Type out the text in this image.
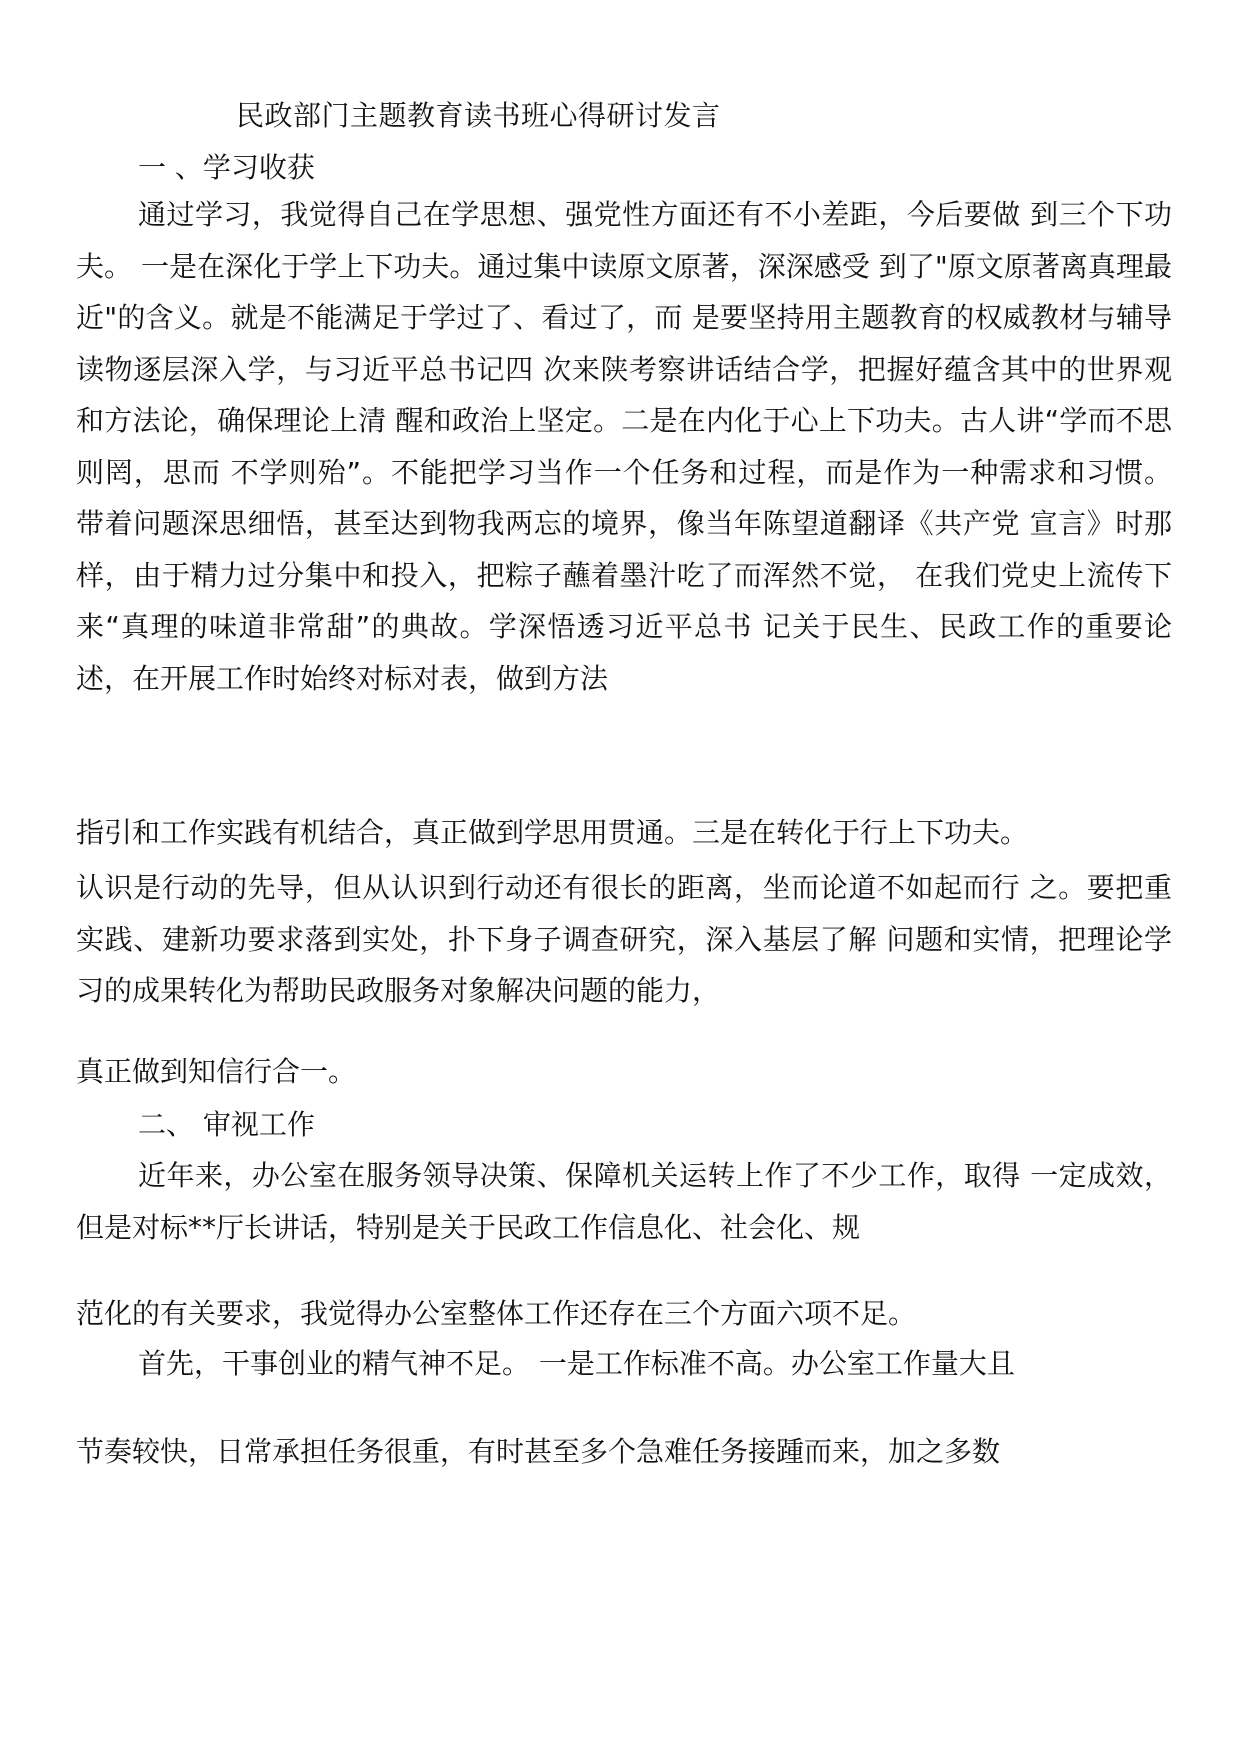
民政部门主题教育读书班心得研讨发言
一 、学习收获

通过学习，我觉得自己在学思想、强党性方面还有不小差距，今后要做 到三个下功夫。 一是在深化于学上下功夫。通过集中读原文原著，深深感受 到了"原文原著离真理最近"的含义。就是不能满足于学过了、看过了，而 是要坚持用主题教育的权威教材与辅导读物逐层深入学，与习近平总书记四 次来陕考察讲话结合学，把握好蕴含其中的世界观和方法论，确保理论上清 醒和政治上坚定。二是在内化于心上下功夫。古人讲“学而不思则罔，思而 不学则殆”。不能把学习当作一个任务和过程，而是作为一种需求和习惯。 带着问题深思细悟，甚至达到物我两忘的境界，像当年陈望道翻译《共产党 宣言》时那样，由于精力过分集中和投入，把粽子蘸着墨汁吃了而浑然不觉， 在我们党史上流传下来“真理的味道非常甜”的典故。学深悟透习近平总书 记关于民生、民政工作的重要论述，在开展工作时始终对标对表，做到方法

指引和工作实践有机结合，真正做到学思用贯通。三是在转化于行上下功夫。

认识是行动的先导，但从认识到行动还有很长的距离，坐而论道不如起而行 之。要把重实践、建新功要求落到实处，扑下身子调查研究，深入基层了解 问题和实情，把理论学习的成果转化为帮助民政服务对象解决问题的能力，

真正做到知信行合一。
二、 审视工作

近年来，办公室在服务领导决策、保障机关运转上作了不少工作，取得 一定成效，但是对标**厅长讲话，特别是关于民政工作信息化、社会化、规

范化的有关要求，我觉得办公室整体工作还存在三个方面六项不足。
首先，干事创业的精气神不足。 一是工作标准不高。办公室工作量大且
节奏较快，日常承担任务很重，有时甚至多个急难任务接踵而来，加之多数
